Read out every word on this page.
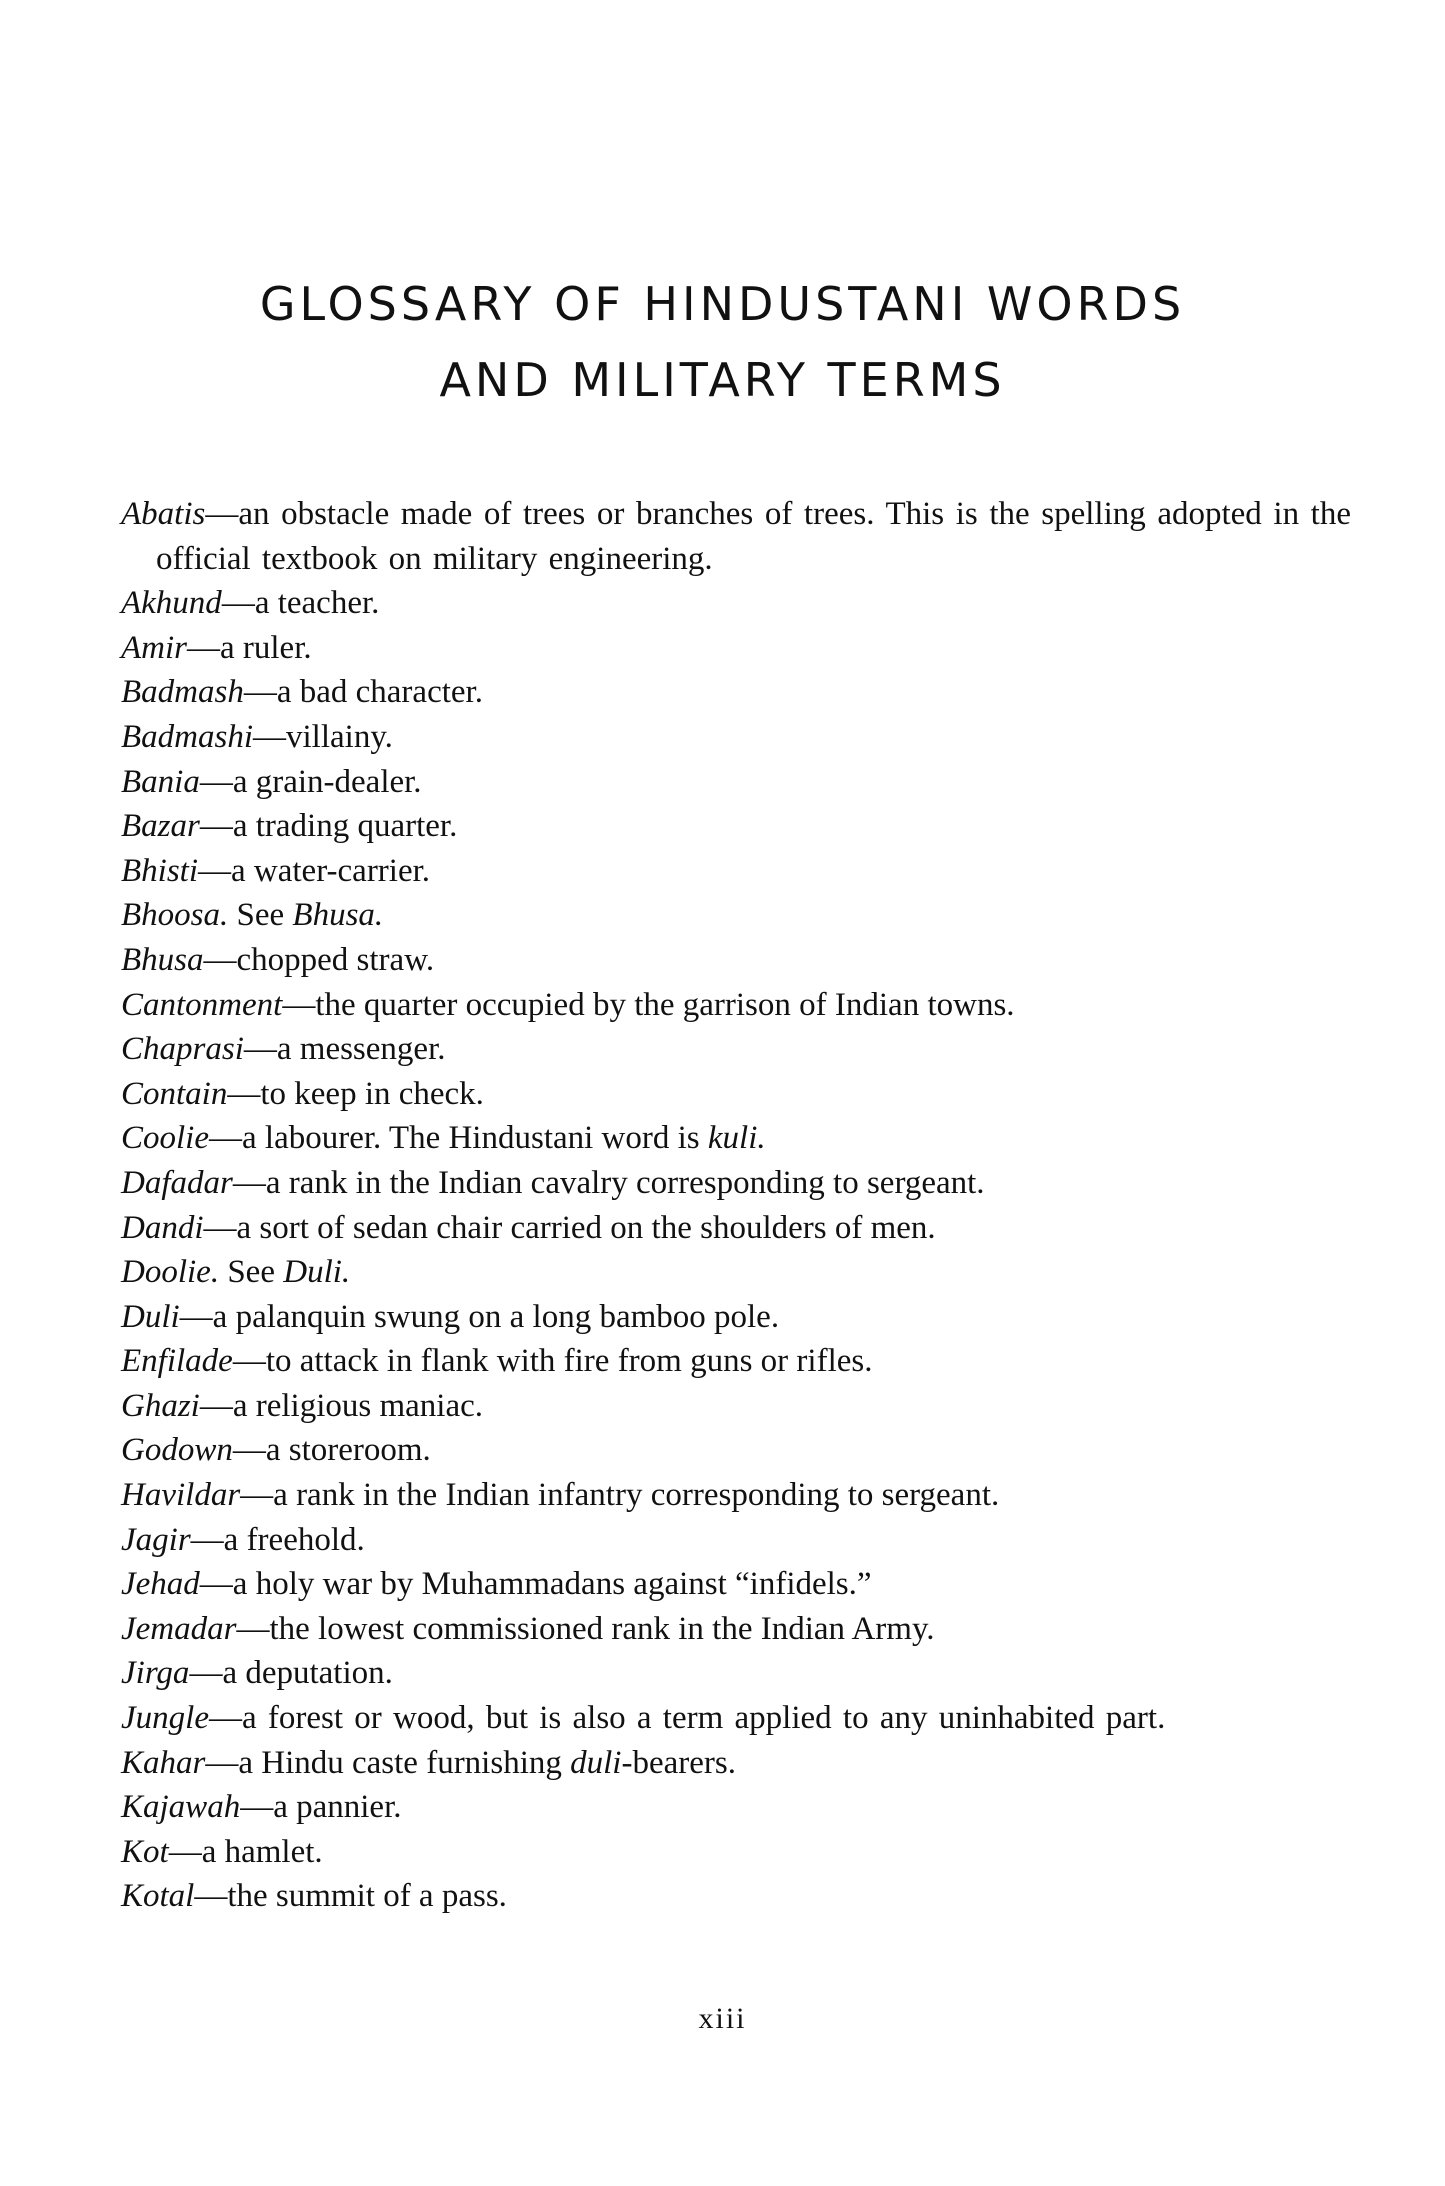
GLOSSARY OF HINDUSTANI WORDS
AND MILITARY TERMS
Abatis—an obstacle made of trees or branches of trees. This is the spelling adopted in the official textbook on military engineering.
Akhund—a teacher.
Amir—a ruler.
Badmash—a bad character.
Badmashi—villainy.
Bania—a grain-dealer.
Bazar—a trading quarter.
Bhisti—a water-carrier.
Bhoosa. See Bhusa.
Bhusa—chopped straw.
Cantonment—the quarter occupied by the garrison of Indian towns.
Chaprasi—a messenger.
Contain—to keep in check.
Coolie—a labourer. The Hindustani word is kuli.
Dafadar—a rank in the Indian cavalry corresponding to sergeant.
Dandi—a sort of sedan chair carried on the shoulders of men.
Doolie. See Duli.
Duli—a palanquin swung on a long bamboo pole.
Enfilade—to attack in flank with fire from guns or rifles.
Ghazi—a religious maniac.
Godown—a storeroom.
Havildar—a rank in the Indian infantry corresponding to sergeant.
Jagir—a freehold.
Jehad—a holy war by Muhammadans against “infidels.”
Jemadar—the lowest commissioned rank in the Indian Army.
Jirga—a deputation.
Jungle—a forest or wood, but is also a term applied to any uninhabited part.
Kahar—a Hindu caste furnishing duli-bearers.
Kajawah—a pannier.
Kot—a hamlet.
Kotal—the summit of a pass.
xiii
